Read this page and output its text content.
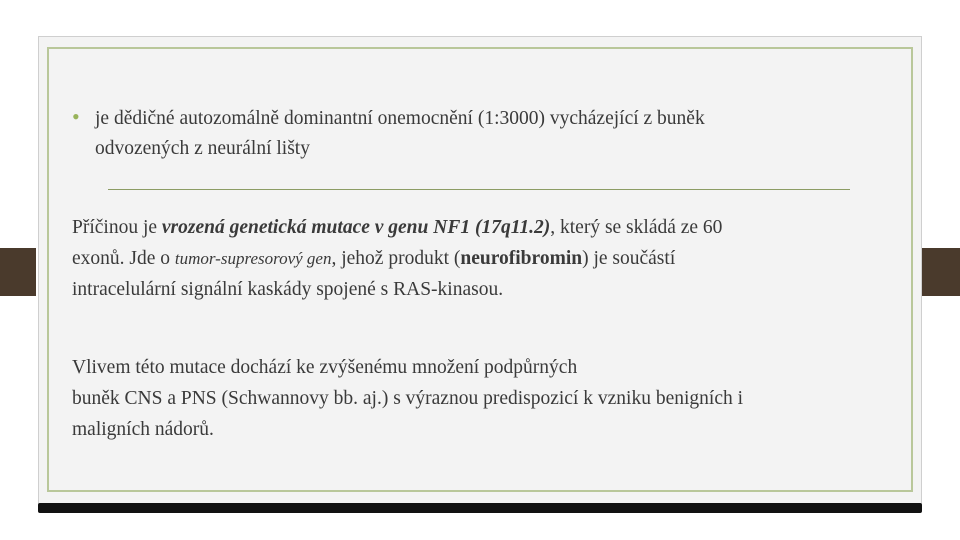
• je dědičné autozomálně dominantní onemocnění (1:3000) vycházející z buněk
odvozených z neurální lišty
Příčinou je vrozená genetická mutace v genu NF1 (17q11.2), který se skládá ze 60
exonů. Jde o tumor-supresorový gen, jehož produkt (neurofibromin) je součástí
intracelulární signální kaskády spojené s RAS-kinasou.
Vlivem této mutace dochází ke zvýšenému množení podpůrných
buněk CNS a PNS (Schwannovy bb. aj.) s výraznou predispozicí k vzniku benigních i
maligních nádorů.
